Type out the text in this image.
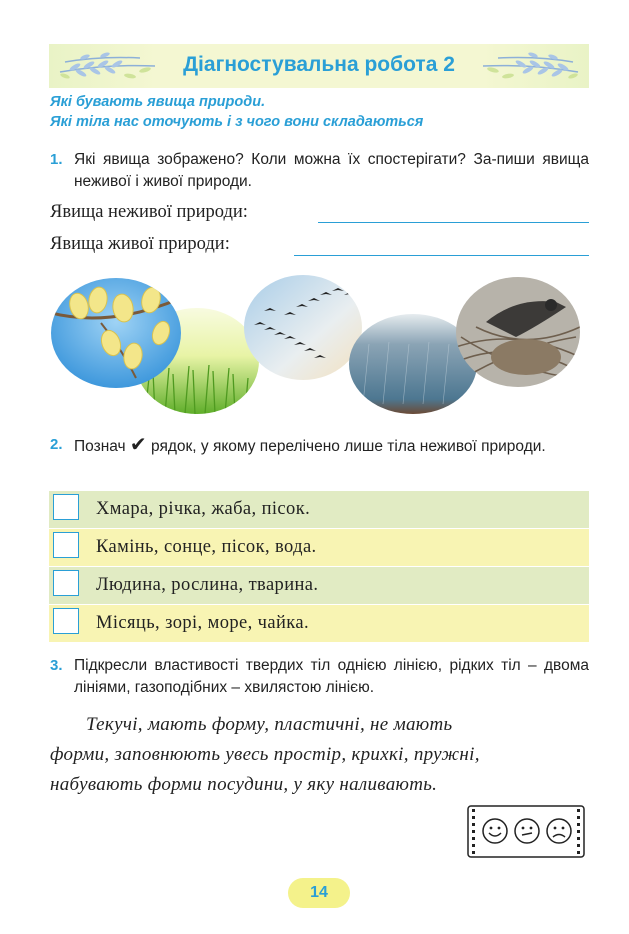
Діагностувальна робота 2
Які бувають явища природи.
Які тіла нас оточують і з чого вони складаються
1. Які явища зображено? Коли можна їх спостерігати? За-пиши явища неживої і живої природи.
Явища неживої природи:
Явища живої природи:
2. Познач ✔ рядок, у якому перелічено лише тіла неживої природи.
Хмара, річка, жаба, пісок.
Камінь, сонце, пісок, вода.
Людина, рослина, тварина.
Місяць, зорі, море, чайка.
3. Підкресли властивості твердих тіл однією лінією, рідких тіл – двома лініями, газоподібних – хвилястою лінією.
Текучі, мають форму, пластичні, не мають
форми, заповнюють увесь простір, крихкі, пружні,
набувають форми посудини, у яку наливають.
14
